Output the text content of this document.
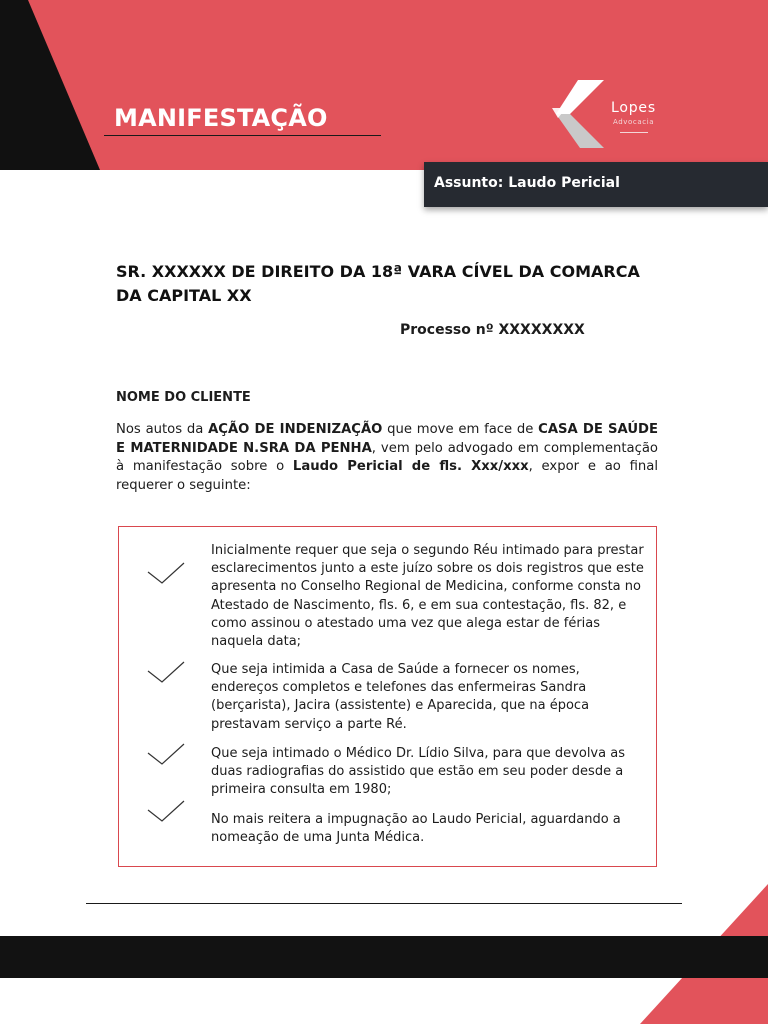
MANIFESTAÇÃO	Lopes
Advocacia
Assunto: Laudo Pericial
SR. XXXXXX DE DIREITO DA 18ª VARA CÍVEL DA COMARCA DA CAPITAL XX
Processo nº XXXXXXXX
NOME DO CLIENTE
Nos autos da AÇÃO DE INDENIZAÇÃO que move em face de CASA DE SAÚDE E MATERNIDADE N.SRA DA PENHA, vem pelo advogado em complementação à manifestação sobre o Laudo Pericial de fls. Xxx/xxx, expor e ao final requerer o seguinte:
Inicialmente requer que seja o segundo Réu intimado para prestar esclarecimentos junto a este juízo sobre os dois registros que este apresenta no Conselho Regional de Medicina, conforme consta no Atestado de Nascimento, fls. 6, e em sua contestação, fls. 82, e como assinou o atestado uma vez que alega estar de férias naquela data;
Que seja intimida a Casa de Saúde a fornecer os nomes, endereços completos e telefones das enfermeiras Sandra (berçarista), Jacira (assistente) e Aparecida, que na época prestavam serviço a parte Ré.
Que seja intimado o Médico Dr. Lídio Silva, para que devolva as duas radiografias do assistido que estão em seu poder desde a primeira consulta em 1980;
No mais reitera a impugnação ao Laudo Pericial, aguardando a nomeação de uma Junta Médica.
